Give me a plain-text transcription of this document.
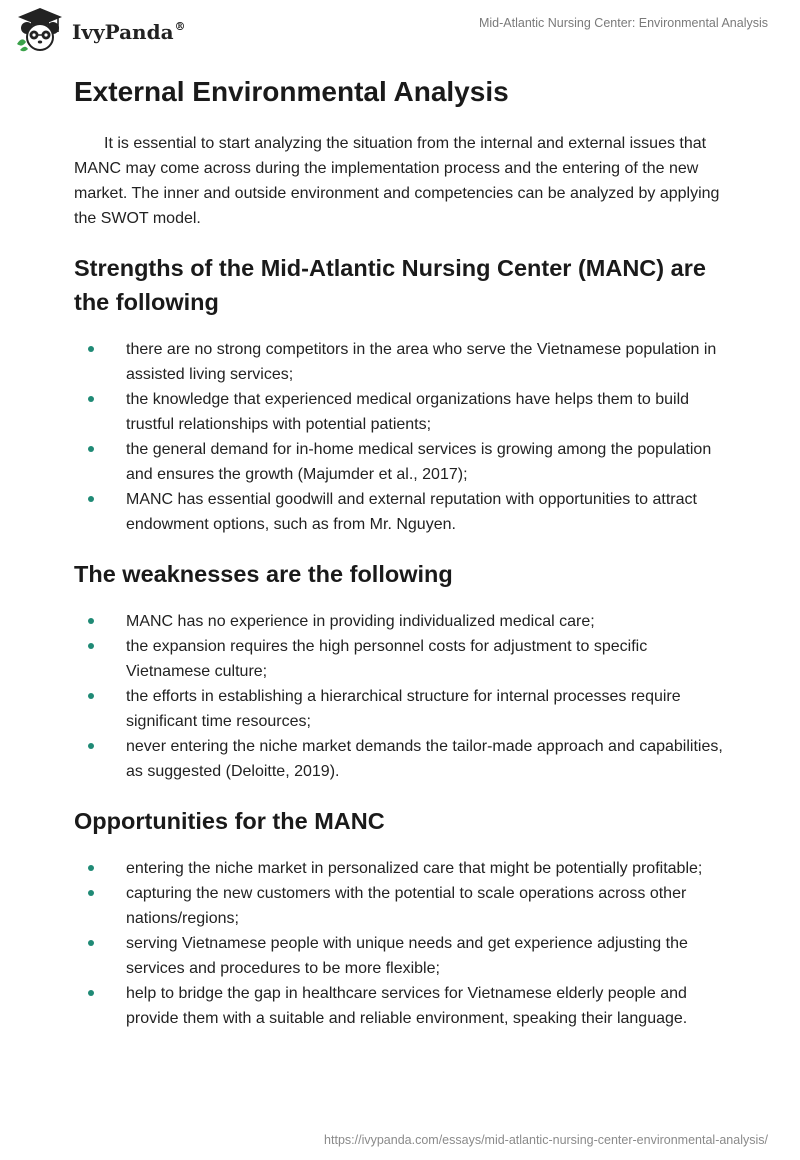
IvyPanda®	Mid-Atlantic Nursing Center: Environmental Analysis
External Environmental Analysis

It is essential to start analyzing the situation from the internal and external issues that MANC may come across during the implementation process and the entering of the new market. The inner and outside environment and competencies can be analyzed by applying the SWOT model.

Strengths of the Mid-Atlantic Nursing Center (MANC) are the following
there are no strong competitors in the area who serve the Vietnamese population in assisted living services;
the knowledge that experienced medical organizations have helps them to build trustful relationships with potential patients;
the general demand for in-home medical services is growing among the population and ensures the growth (Majumder et al., 2017);
MANC has essential goodwill and external reputation with opportunities to attract endowment options, such as from Mr. Nguyen.
The weaknesses are the following
MANC has no experience in providing individualized medical care;
the expansion requires the high personnel costs for adjustment to specific Vietnamese culture;
the efforts in establishing a hierarchical structure for internal processes require significant time resources;
never entering the niche market demands the tailor-made approach and capabilities, as suggested (Deloitte, 2019).
Opportunities for the MANC
entering the niche market in personalized care that might be potentially profitable;
capturing the new customers with the potential to scale operations across other nations/regions;
serving Vietnamese people with unique needs and get experience adjusting the services and procedures to be more flexible;
help to bridge the gap in healthcare services for Vietnamese elderly people and provide them with a suitable and reliable environment, speaking their language.
https://ivypanda.com/essays/mid-atlantic-nursing-center-environmental-analysis/
